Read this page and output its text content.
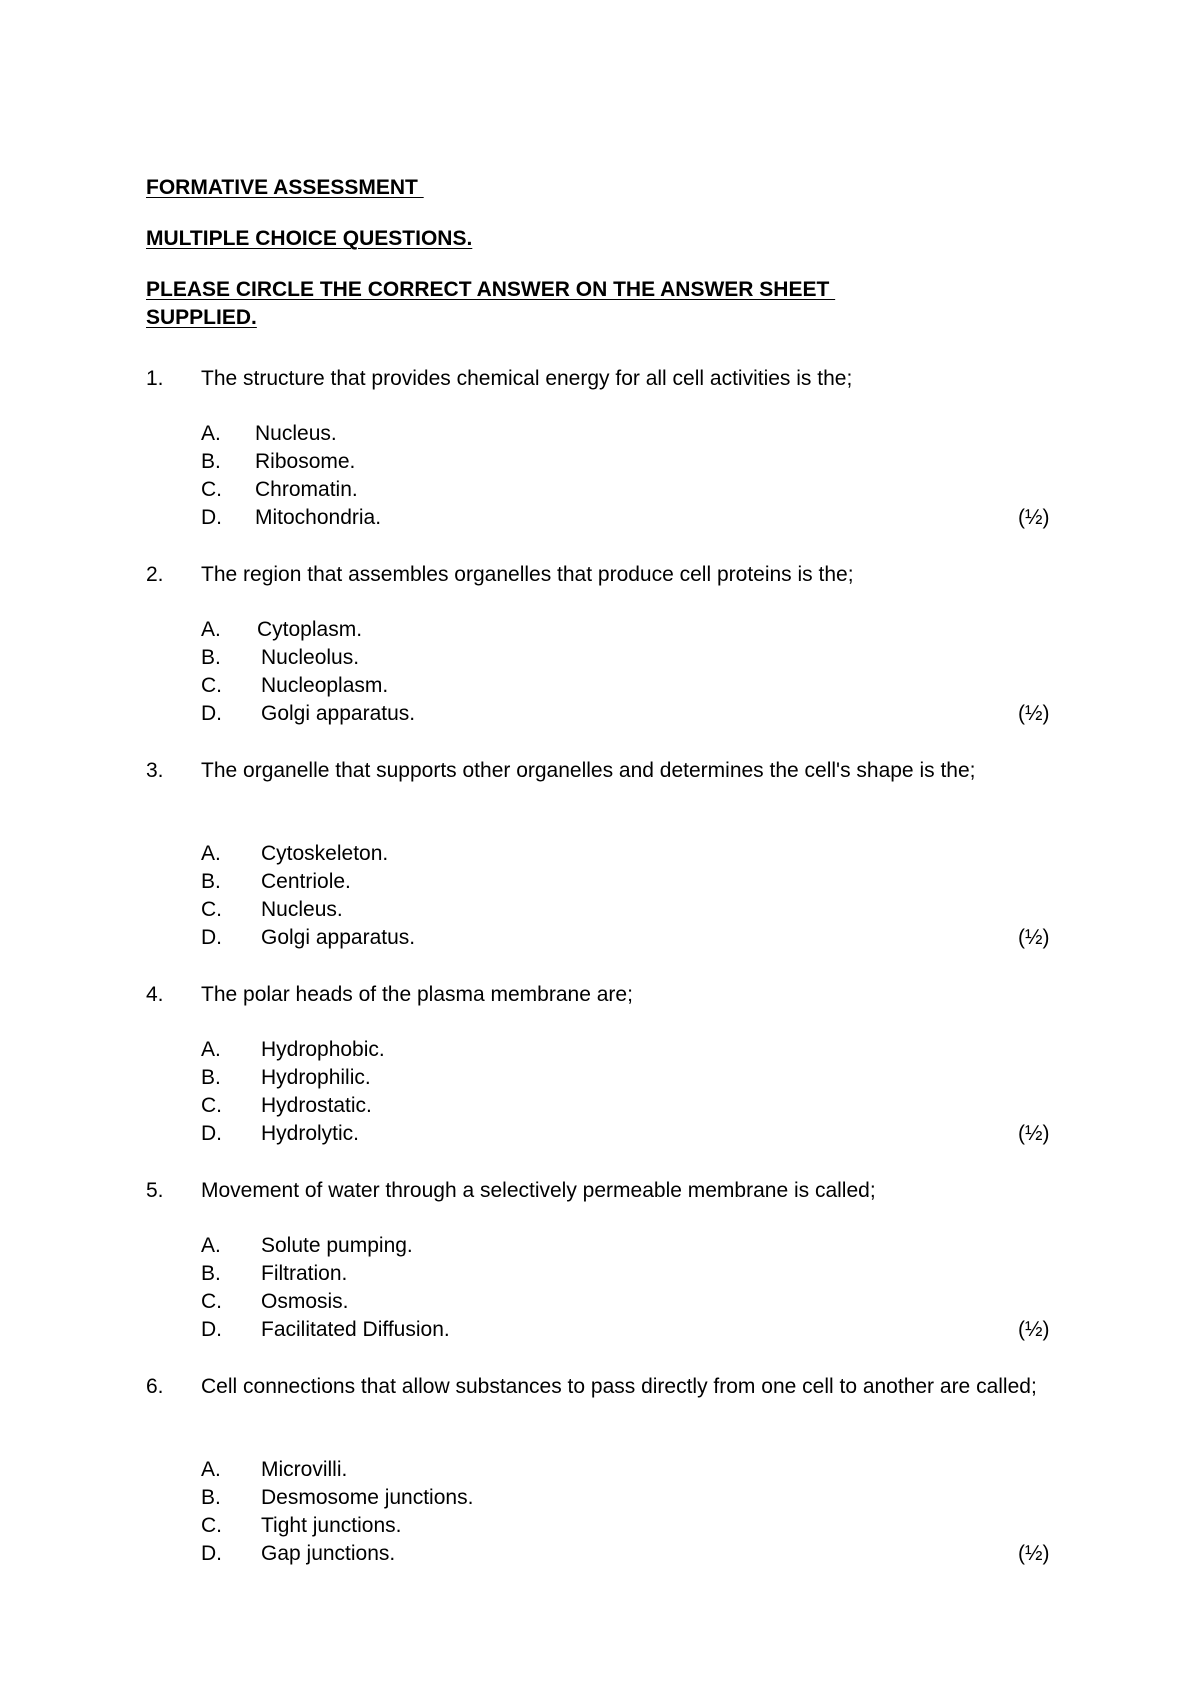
FORMATIVE ASSESSMENT
MULTIPLE CHOICE QUESTIONS.
PLEASE CIRCLE THE CORRECT ANSWER ON THE ANSWER SHEET
SUPPLIED.
1. The structure that provides chemical energy for all cell activities is the;
A. Nucleus.
B. Ribosome.
C. Chromatin.
D. Mitochondria.	(½)
2. The region that assembles organelles that produce cell proteins is the;
A. Cytoplasm.
B. Nucleolus.
C. Nucleoplasm.
D. Golgi apparatus.	(½)
3. The organelle that supports other organelles and determines the cell's shape is the;
A. Cytoskeleton.
B. Centriole.
C. Nucleus.
D. Golgi apparatus.	(½)
4. The polar heads of the plasma membrane are;
A. Hydrophobic.
B. Hydrophilic.
C. Hydrostatic.
D. Hydrolytic.	(½)
5. Movement of water through a selectively permeable membrane is called;
A. Solute pumping.
B. Filtration.
C. Osmosis.
D. Facilitated Diffusion.	(½)
6. Cell connections that allow substances to pass directly from one cell to another are called;
A. Microvilli.
B. Desmosome junctions.
C. Tight junctions.
D. Gap junctions.	(½)
